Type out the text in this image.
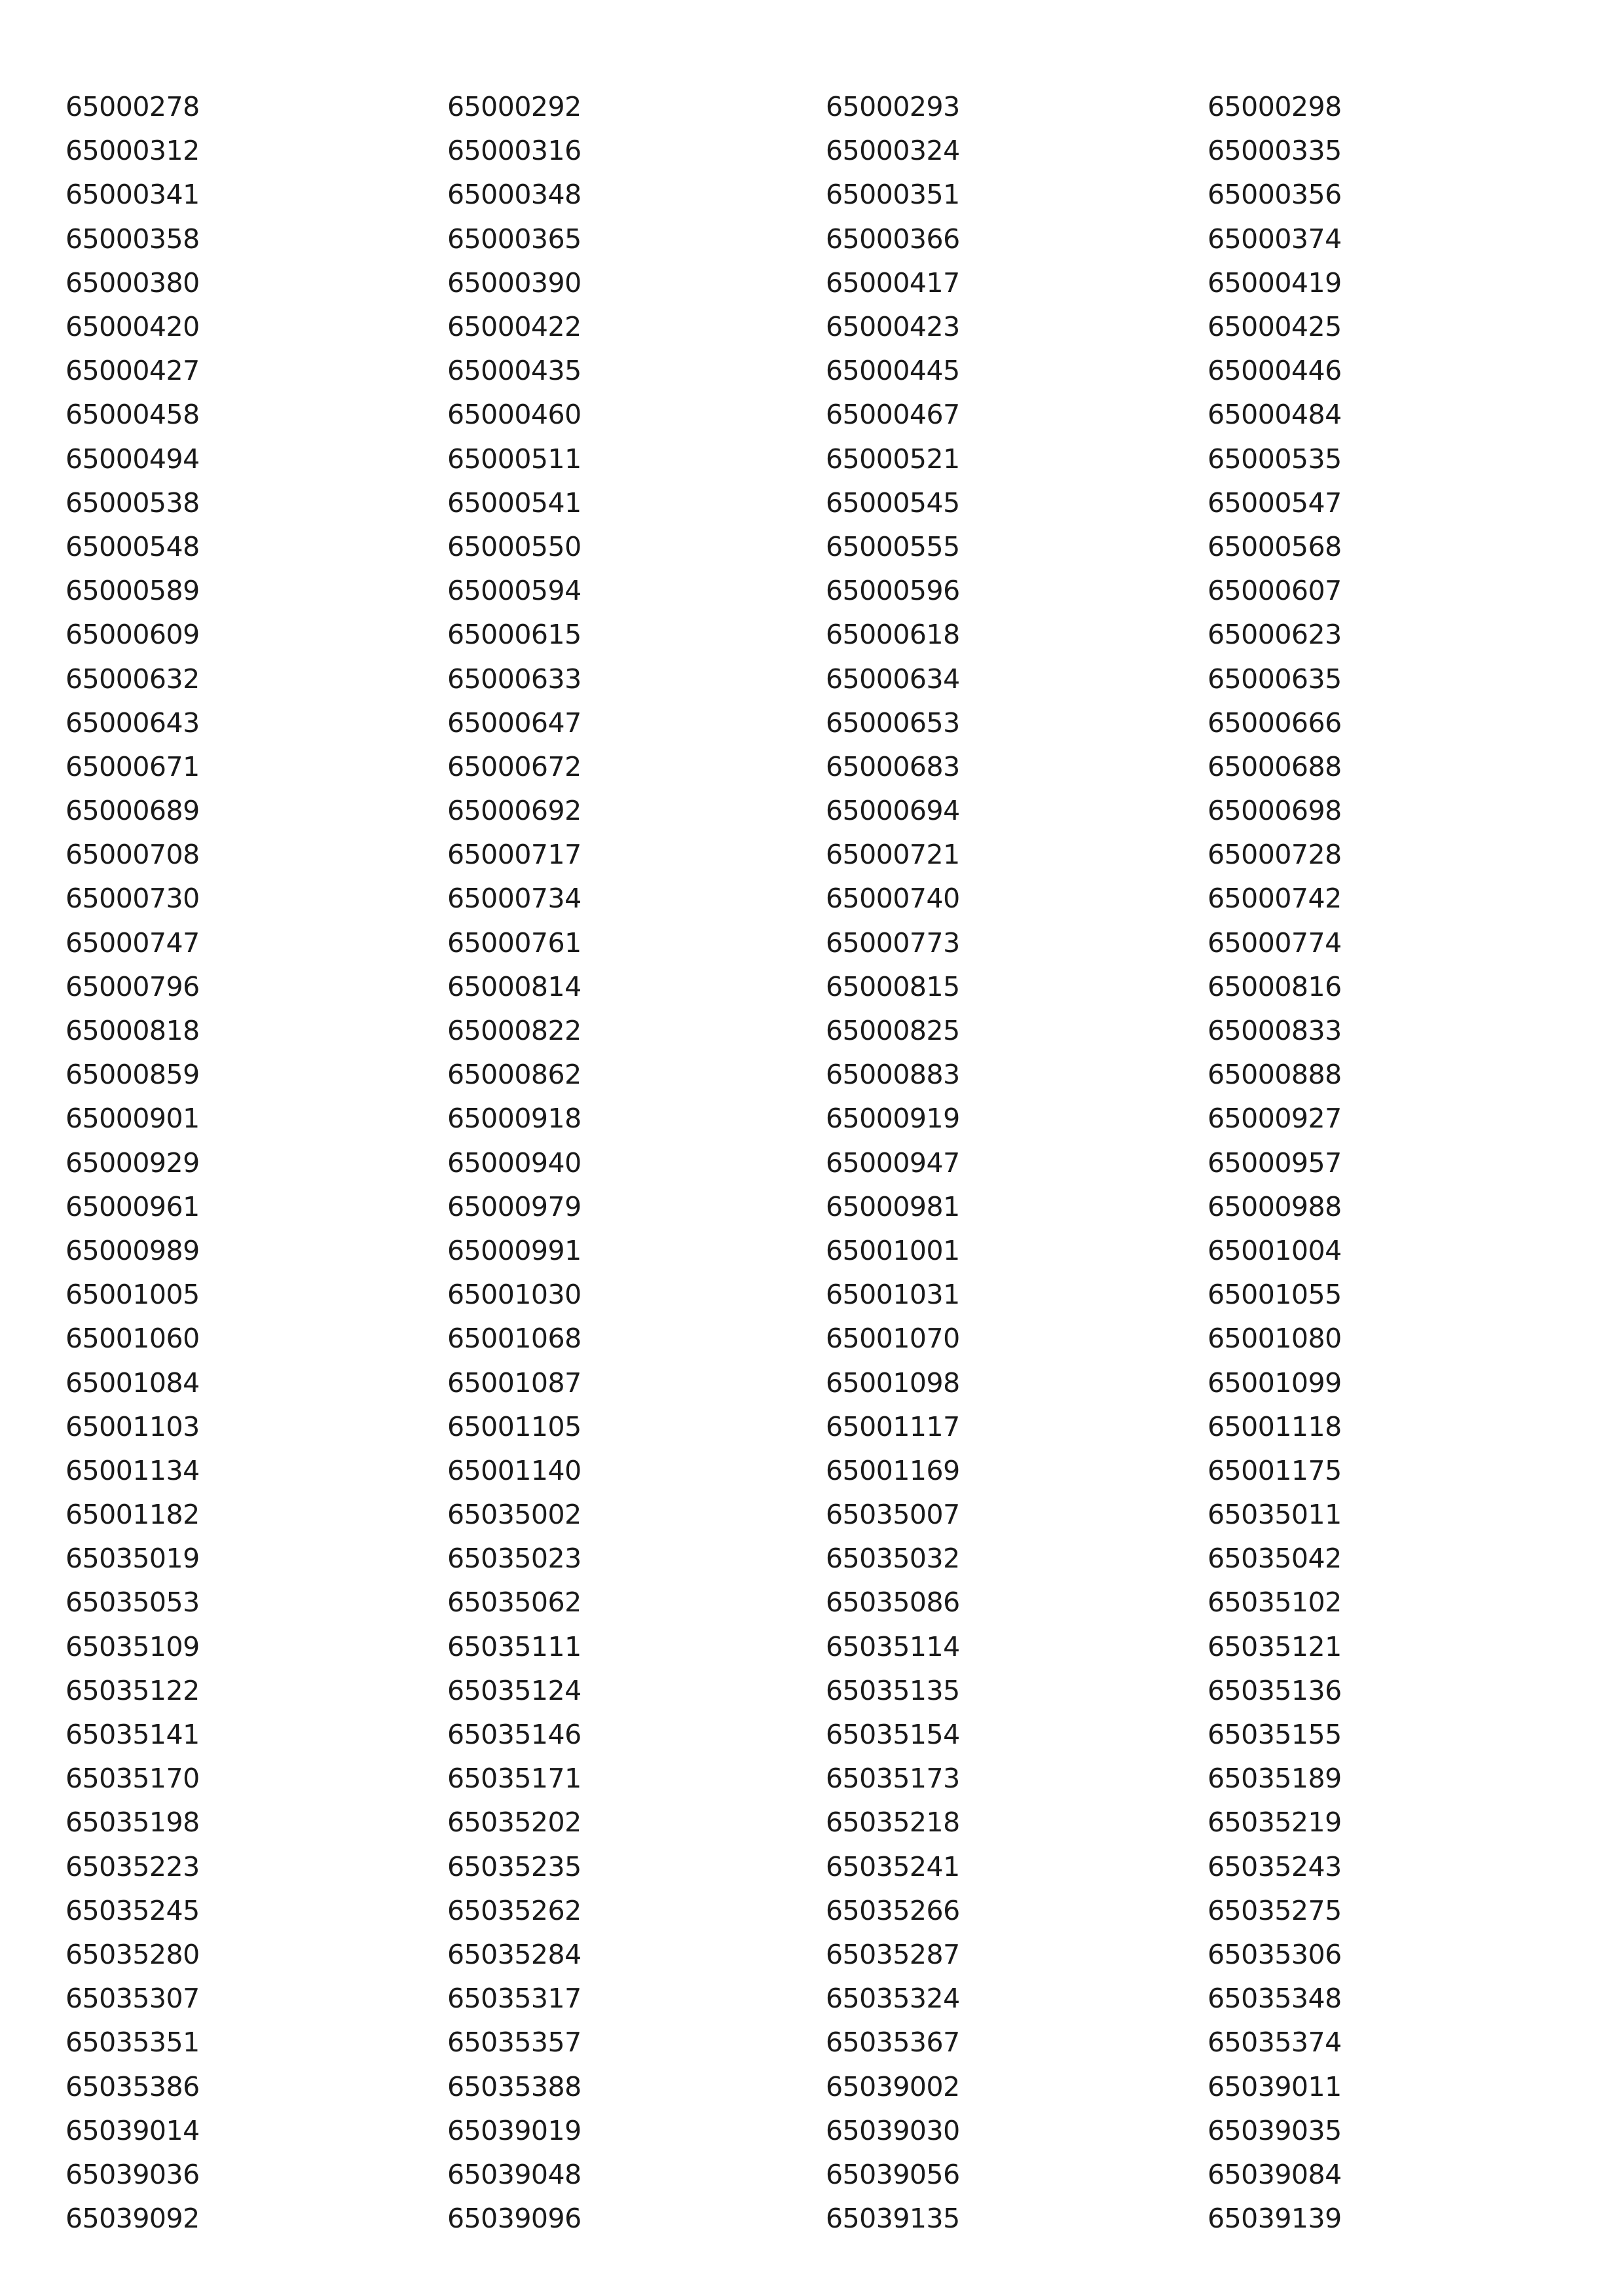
65000278	65000292	65000293	65000298
65000312	65000316	65000324	65000335
65000341	65000348	65000351	65000356
65000358	65000365	65000366	65000374
65000380	65000390	65000417	65000419
65000420	65000422	65000423	65000425
65000427	65000435	65000445	65000446
65000458	65000460	65000467	65000484
65000494	65000511	65000521	65000535
65000538	65000541	65000545	65000547
65000548	65000550	65000555	65000568
65000589	65000594	65000596	65000607
65000609	65000615	65000618	65000623
65000632	65000633	65000634	65000635
65000643	65000647	65000653	65000666
65000671	65000672	65000683	65000688
65000689	65000692	65000694	65000698
65000708	65000717	65000721	65000728
65000730	65000734	65000740	65000742
65000747	65000761	65000773	65000774
65000796	65000814	65000815	65000816
65000818	65000822	65000825	65000833
65000859	65000862	65000883	65000888
65000901	65000918	65000919	65000927
65000929	65000940	65000947	65000957
65000961	65000979	65000981	65000988
65000989	65000991	65001001	65001004
65001005	65001030	65001031	65001055
65001060	65001068	65001070	65001080
65001084	65001087	65001098	65001099
65001103	65001105	65001117	65001118
65001134	65001140	65001169	65001175
65001182	65035002	65035007	65035011
65035019	65035023	65035032	65035042
65035053	65035062	65035086	65035102
65035109	65035111	65035114	65035121
65035122	65035124	65035135	65035136
65035141	65035146	65035154	65035155
65035170	65035171	65035173	65035189
65035198	65035202	65035218	65035219
65035223	65035235	65035241	65035243
65035245	65035262	65035266	65035275
65035280	65035284	65035287	65035306
65035307	65035317	65035324	65035348
65035351	65035357	65035367	65035374
65035386	65035388	65039002	65039011
65039014	65039019	65039030	65039035
65039036	65039048	65039056	65039084
65039092	65039096	65039135	65039139
